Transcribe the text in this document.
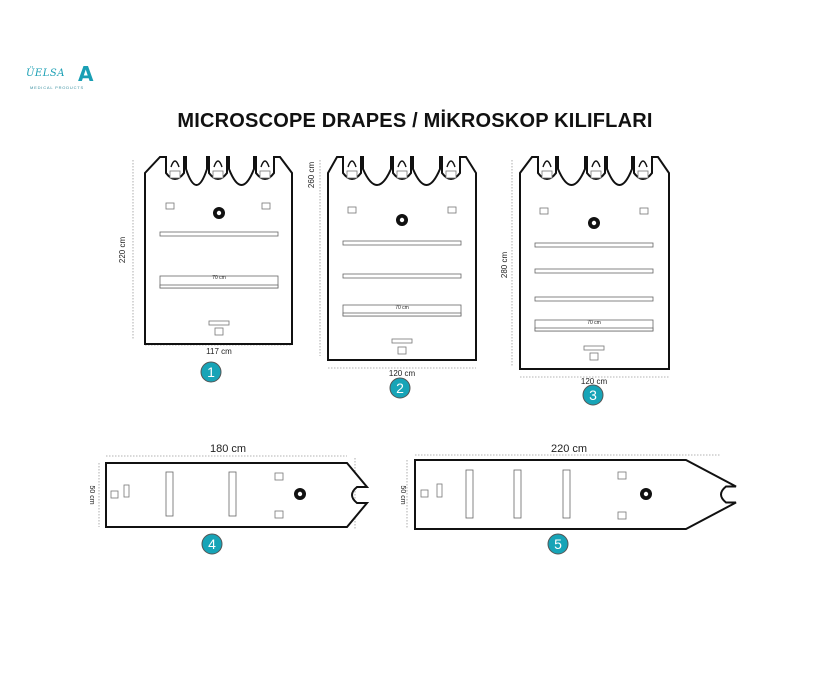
ÜELSA A
MEDICAL PRODUCTS
MICROSCOPE DRAPES / MİKROSKOP KILIFLARI
70 cm
220 cm
117 cm
1
70 cm
260 cm
120 cm
2
70 cm
280 cm
120 cm
3
180 cm
50 cm
4
220 cm
50 cm
5
